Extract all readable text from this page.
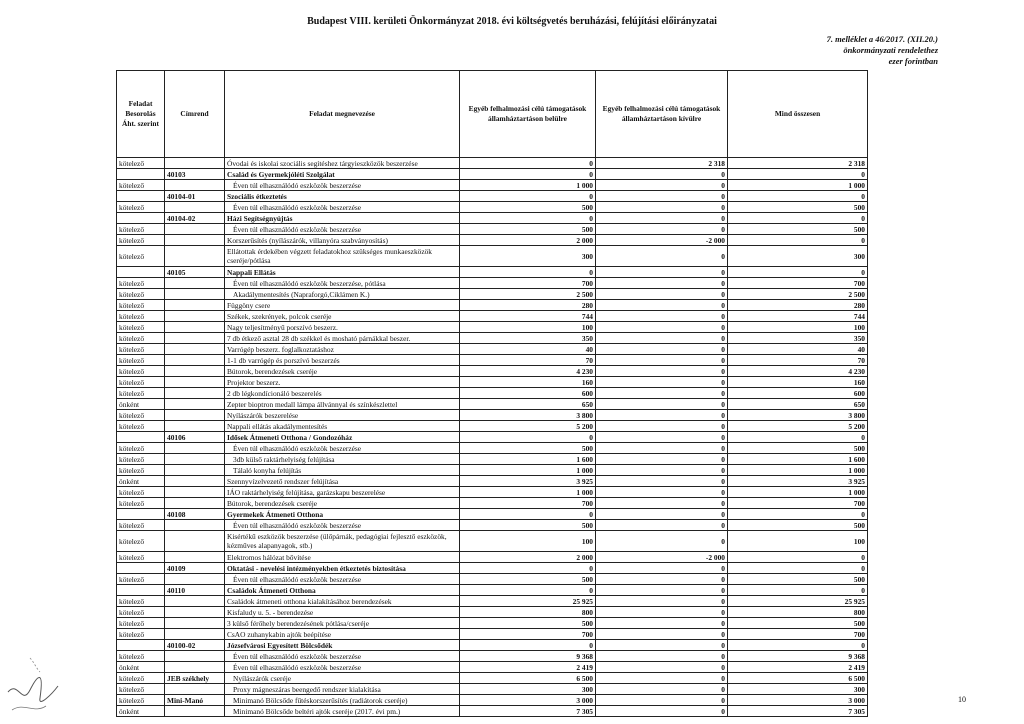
Budapest VIII. kerületi Önkormányzat 2018. évi költségvetés beruházási, felújítási előirányzatai
7. melléklet a 46/2017. (XII.20.)
önkormányzati rendelethez
ezer forintban
Feladat Besorolás Áht. szerint	Címrend	Feladat megnevezése	Egyéb felhalmozási célú támogatások államháztartáson belülre	Egyéb felhalmozási célú támogatások államháztartáson kívülre	Mind összesen
kötelező		Óvodai és iskolai szociális segítéshez tárgyieszközök beszerzése	0	2 318	2 318
	40103	Család és Gyermekjóléti Szolgálat	0	0	0
kötelező		Éven túl elhasználódó eszközök beszerzése	1 000	0	1 000
	40104-01	Szociális étkeztetés	0	0	0
kötelező		Éven túl elhasználódó eszközök beszerzése	500	0	500
	40104-02	Házi Segítségnyújtás	0	0	0
kötelező		Éven túl elhasználódó eszközök beszerzése	500	0	500
kötelező		Korszerűsítés (nyílászárók, villanyóra szabványosítás)	2 000	-2 000	0
kötelező		Ellátottak érdekében végzett feladatokhoz szükséges munkaeszközök cseréje/pótlása	300	0	300
	40105	Nappali Ellátás	0	0	0
kötelező		Éven túl elhasználódó eszközök beszerzése, pótlása	700	0	700
kötelező		Akadálymentesítés (Napraforgó,Ciklámen K.)	2 500	0	2 500
kötelező		Függöny csere	280	0	280
kötelező		Székek, szekrények, polcok cseréje	744	0	744
kötelező		Nagy teljesítményű porszívó beszerz.	100	0	100
kötelező		7 db étkező asztal 28 db székkel és mosható párnákkal beszer.	350	0	350
kötelező		Varrógép beszerz. foglalkoztatáshoz	40	0	40
kötelező		1-1 db varrógép és porszívó beszerzés	70	0	70
kötelező		Bútorok, berendezések cseréje	4 230	0	4 230
kötelező		Projektor beszerz.	160	0	160
kötelező		2 db légkondícionáló beszerelés	600	0	600
önként		Zepter bioptron medall lámpa állvánnyal és színkészlettel	650	0	650
kötelező		Nyílászárók beszerelése	3 800	0	3 800
kötelező		Nappali ellátás akadálymentesítés	5 200	0	5 200
	40106	Idősek Átmeneti Otthona / Gondozóház	0	0	0
kötelező		Éven túl elhasználódó eszközök beszerzése	500	0	500
kötelező		3db külső raktárhelyiség felújítása	1 600	0	1 600
kötelező		Tálaló konyha felújítás	1 000	0	1 000
önként		Szennyvízelvezető rendszer felújítása	3 925	0	3 925
kötelező		IÁO raktárhelyiség felújítása, garázskapu beszerelése	1 000	0	1 000
kötelező		Bútorok, berendezések cseréje	700	0	700
	40108	Gyermekek Átmeneti Otthona	0	0	0
kötelező		Éven túl elhasználódó eszközök beszerzése	500	0	500
kötelező		Kisértékű eszközök beszerzése (ülőpárnák, pedagógiai fejlesztő eszközök, kézműves alapanyagok, stb.)	100	0	100
kötelező		Elektromos hálózat bővítése	2 000	-2 000	0
	40109	Oktatási - nevelési intézményekben étkeztetés biztosítása	0	0	0
kötelező		Éven túl elhasználódó eszközök beszerzése	500	0	500
	40110	Családok Átmeneti Otthona	0	0	0
kötelező		Családok átmeneti otthona kialakításához berendezések	25 925	0	25 925
kötelező		Kisfaludy u. 5. - berendezése	800	0	800
kötelező		3 külső férőhely berendezésének pótlása/cseréje	500	0	500
kötelező		CsAO zuhanykabin ajtók beépítése	700	0	700
	40100-02	Józsefvárosi Egyesített Bölcsődék	0	0	0
kötelező		Éven túl elhasználódó eszközök beszerzése	9 368	0	9 368
önként		Éven túl elhasználódó eszközök beszerzése	2 419	0	2 419
kötelező	JEB székhely	Nyílászárók cseréje	6 500	0	6 500
kötelező		Proxy mágneszáras beengedő rendszer kialakítása	300	0	300
kötelező	Mini-Manó	Minimanó Bölcsőde fűtéskorszerűsítés (radiátorok cseréje)	3 000	0	3 000
önként		Minimanó Bölcsőde beltéri ajtók cseréje (2017. évi pm.)	7 305	0	7 305
10
